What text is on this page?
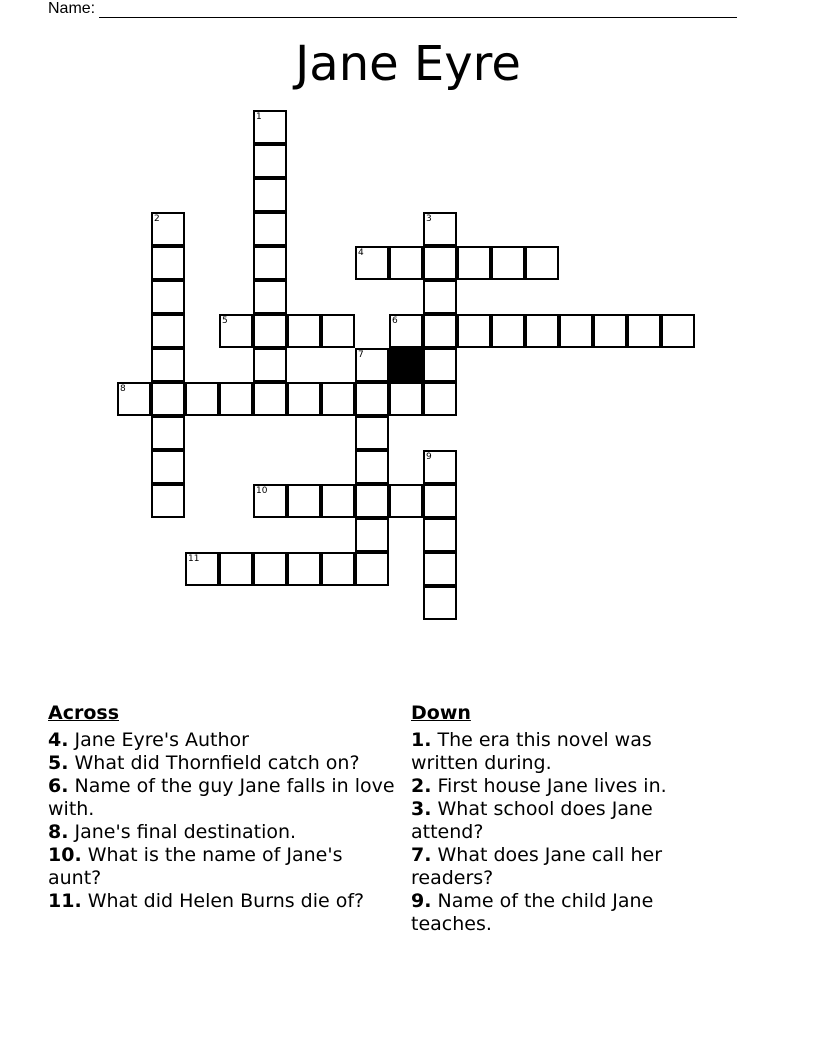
Name:
Jane Eyre
1
2	3
4
5	6
7
8
9
10
11
Across
4. Jane Eyre's Author
5. What did Thornfield catch on?
6. Name of the guy Jane falls in love with.
8. Jane's final destination.
10. What is the name of Jane's aunt?
11. What did Helen Burns die of?
Down
1. The era this novel was written during.
2. First house Jane lives in.
3. What school does Jane attend?
7. What does Jane call her readers?
9. Name of the child Jane teaches.
